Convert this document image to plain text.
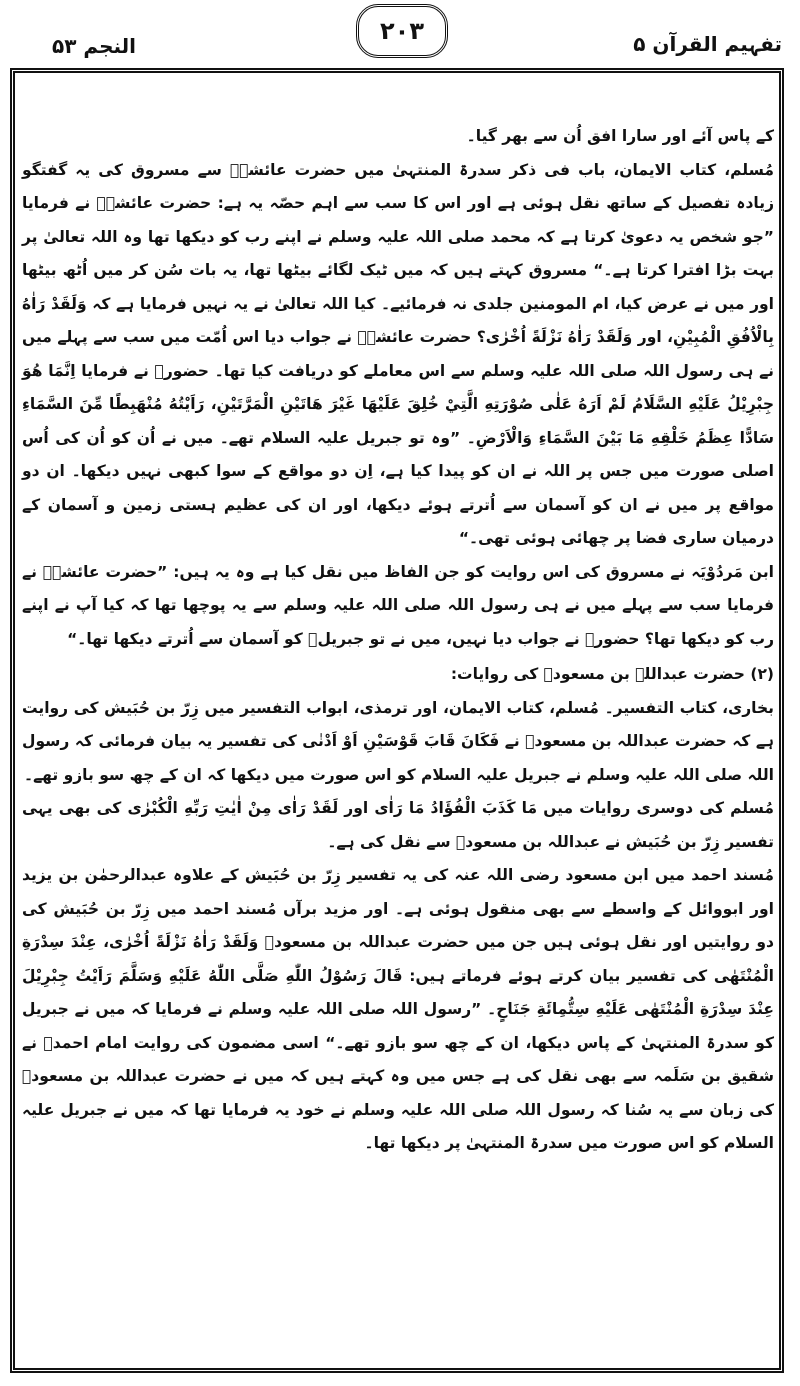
تفہیم القرآن ۵
۲۰۳
النجم ۵۳

کے پاس آئے اور سارا افق اُن سے بھر گیا۔

مُسلم، کتاب الایمان، باب فی ذکر سدرۃ المنتہیٰ میں حضرت عائشہؓ سے مسروق کی یہ گفتگو زیادہ تفصیل کے ساتھ نقل ہوئی ہے اور اس کا سب سے اہم حصّہ یہ ہے: حضرت عائشہؓ نے فرمایا ”جو شخص یہ دعویٰ کرتا ہے کہ محمد صلی اللہ علیہ وسلم نے اپنے رب کو دیکھا تھا وہ اللہ تعالیٰ پر بہت بڑا افترا کرتا ہے۔“ مسروق کہتے ہیں کہ میں ٹیک لگائے بیٹھا تھا، یہ بات سُن کر میں اُٹھ بیٹھا اور میں نے عرض کیا، ام المومنین جلدی نہ فرمائیے۔ کیا اللہ تعالیٰ نے یہ نہیں فرمایا ہے کہ وَلَقَدْ رَاٰهُ بِالْاُفُقِ الْمُبِيْنِ، اور وَلَقَدْ رَاٰهُ نَزْلَةً اُخْرٰى؟ حضرت عائشہؓ نے جواب دیا اس اُمّت میں سب سے پہلے میں نے ہی رسول اللہ صلی اللہ علیہ وسلم سے اس معاملے کو دریافت کیا تھا۔ حضورؐ نے فرمایا اِنَّمَا هُوَ جِبْرِيْلُ عَلَيْهِ السَّلَامُ لَمْ اَرَهُ عَلٰى صُوْرَتِهِ الَّتِيْ خُلِقَ عَلَيْهَا غَيْرَ هَاتَيْنِ الْمَرَّتَيْنِ، رَاَيْتُهُ مُنْهَبِطًا مِّنَ السَّمَاءِ سَادًّا عِظَمُ خَلْقِهِ مَا بَيْنَ السَّمَاءِ وَالْاَرْضِ۔ ”وہ تو جبریل علیہ السلام تھے۔ میں نے اُن کو اُن کی اُس اصلی صورت میں جس پر اللہ نے ان کو پیدا کیا ہے، اِن دو مواقع کے سوا کبھی نہیں دیکھا۔ ان دو مواقع پر میں نے ان کو آسمان سے اُترتے ہوئے دیکھا، اور ان کی عظیم ہستی زمین و آسمان کے درمیان ساری فضا پر چھائی ہوئی تھی۔“

ابن مَردُوْیَہ نے مسروق کی اس روایت کو جن الفاظ میں نقل کیا ہے وہ یہ ہیں: ”حضرت عائشہؓ نے فرمایا سب سے پہلے میں نے ہی رسول اللہ صلی اللہ علیہ وسلم سے یہ پوچھا تھا کہ کیا آپ نے اپنے رب کو دیکھا تھا؟ حضورؐ نے جواب دیا نہیں، میں نے تو جبریلؑ کو آسمان سے اُترتے دیکھا تھا۔“

(۲) حضرت عبداللہ بن مسعودؓ کی روایات:

بخاری، کتاب التفسیر۔ مُسلم، کتاب الایمان، اور ترمذی، ابواب التفسیر میں زِرّ بن حُبَیش کی روایت ہے کہ حضرت عبداللہ بن مسعودؓ نے فَكَانَ قَابَ قَوْسَيْنِ اَوْ اَدْنٰى کی تفسیر یہ بیان فرمائی کہ رسول اللہ صلی اللہ علیہ وسلم نے جبریل علیہ السلام کو اس صورت میں دیکھا کہ ان کے چھ سو بازو تھے۔

مُسلم کی دوسری روایات میں مَا كَذَبَ الْفُؤَادُ مَا رَاٰى اور لَقَدْ رَاٰى مِنْ اٰيٰتِ رَبِّهِ الْكُبْرٰى کی بھی یہی تفسیر زِرّ بن حُبَیش نے عبداللہ بن مسعودؓ سے نقل کی ہے۔

مُسند احمد میں ابن مسعود رضی اللہ عنہ کی یہ تفسیر زِرّ بن حُبَیش کے علاوہ عبدالرحمٰن بن یزید اور ابووائل کے واسطے سے بھی منقول ہوئی ہے۔ اور مزید برآں مُسند احمد میں زِرّ بن حُبَیش کی دو روایتیں اور نقل ہوئی ہیں جن میں حضرت عبداللہ بن مسعودؓ وَلَقَدْ رَاٰهُ نَزْلَةً اُخْرٰى، عِنْدَ سِدْرَةِ الْمُنْتَهٰى کی تفسیر بیان کرتے ہوئے فرماتے ہیں: قَالَ رَسُوْلُ اللّٰهِ صَلَّى اللّٰهُ عَلَيْهِ وَسَلَّمَ رَاَيْتُ جِبْرِيْلَ عِنْدَ سِدْرَةِ الْمُنْتَهٰى عَلَيْهِ سِتُّمِائَةِ جَنَاحٍ۔ ”رسول اللہ صلی اللہ علیہ وسلم نے فرمایا کہ میں نے جبریل کو سدرۃ المنتہیٰ کے پاس دیکھا، ان کے چھ سو بازو تھے۔“ اسی مضمون کی روایت امام احمدؒ نے شقیق بن سَلَمہ سے بھی نقل کی ہے جس میں وہ کہتے ہیں کہ میں نے حضرت عبداللہ بن مسعودؓ کی زبان سے یہ سُنا کہ رسول اللہ صلی اللہ علیہ وسلم نے خود یہ فرمایا تھا کہ میں نے جبریل علیہ السلام کو اس صورت میں سدرۃ المنتہیٰ پر دیکھا تھا۔
